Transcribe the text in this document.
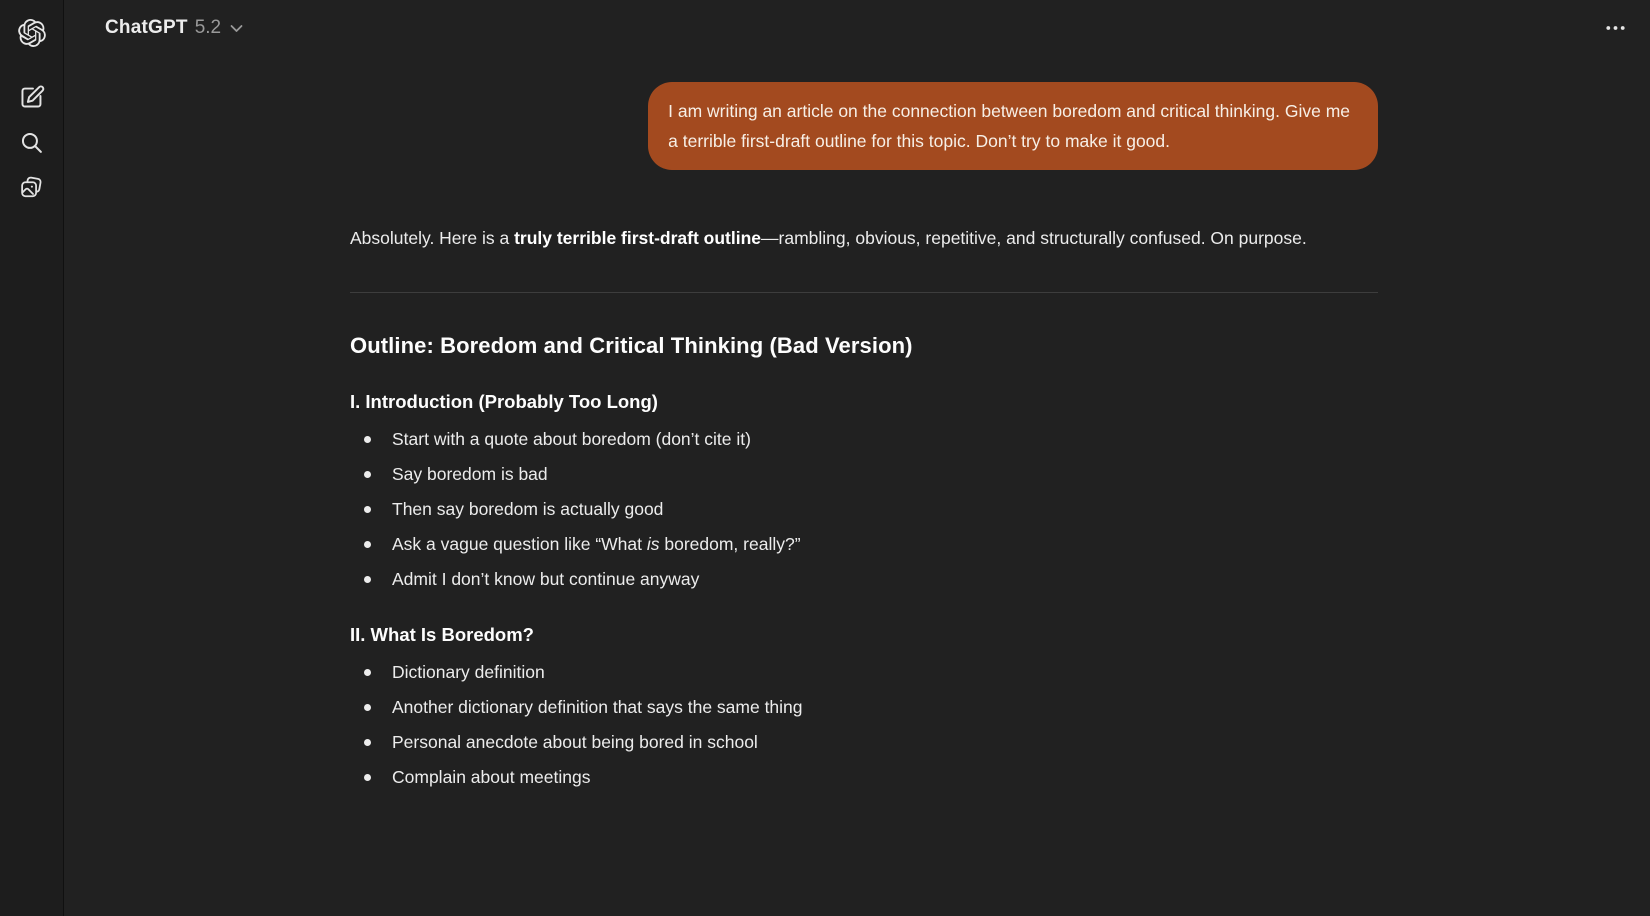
ChatGPT 5.2
I am writing an article on the connection between boredom and critical thinking. Give me a terrible first-draft outline for this topic. Don’t try to make it good.

Absolutely. Here is a truly terrible first-draft outline—rambling, obvious, repetitive, and structurally confused. On purpose.

Outline: Boredom and Critical Thinking (Bad Version)
I. Introduction (Probably Too Long)
Start with a quote about boredom (don’t cite it)
Say boredom is bad
Then say boredom is actually good
Ask a vague question like “What is boredom, really?”
Admit I don’t know but continue anyway
II. What Is Boredom?
Dictionary definition
Another dictionary definition that says the same thing
Personal anecdote about being bored in school
Complain about meetings
